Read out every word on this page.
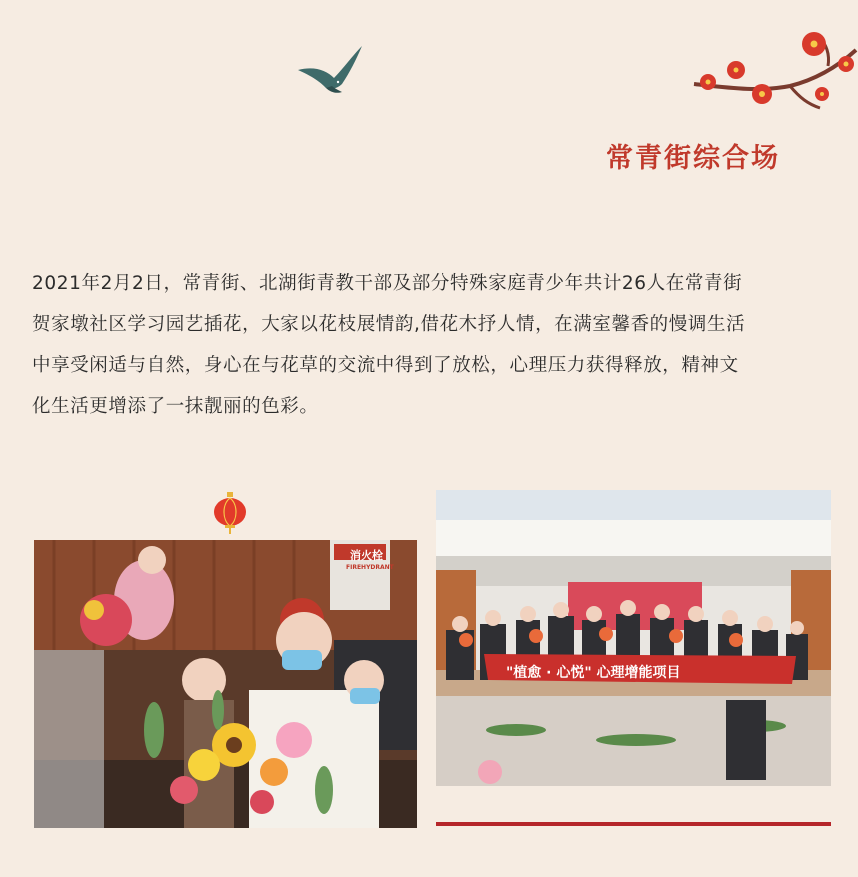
常青街综合场
2021年2月2日，常青街、北湖街青教干部及部分特殊家庭青少年共计26人在常青街
贺家墩社区学习园艺插花，大家以花枝展情韵,借花木抒人情，在满室馨香的慢调生活
中享受闲适与自然，身心在与花草的交流中得到了放松，心理压力获得释放，精神文
化生活更增添了一抹靓丽的色彩。
消火栓
FIREHYDRANT
"植愈 · 心悦" 心理增能项目
